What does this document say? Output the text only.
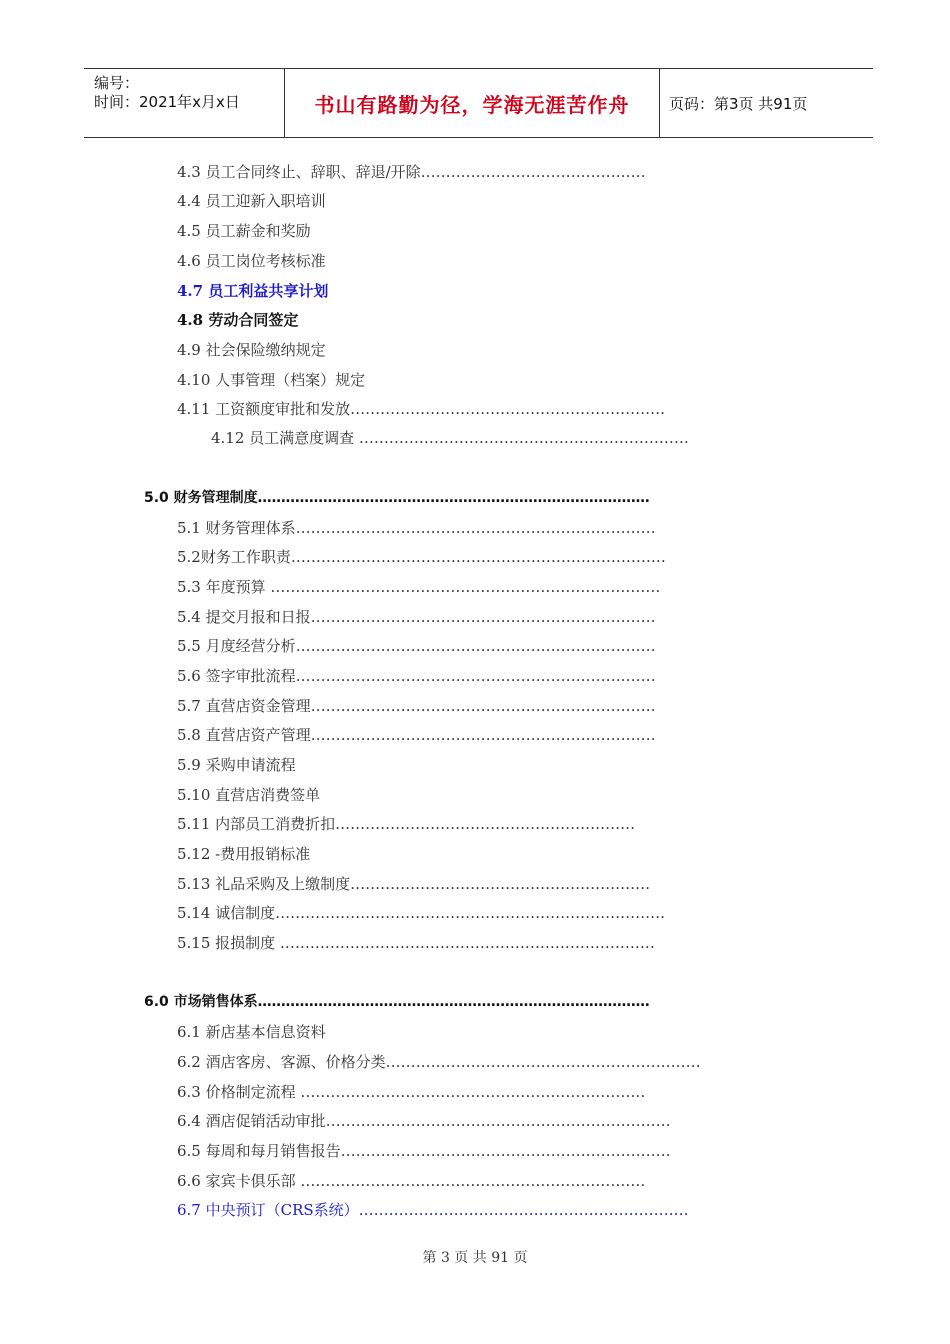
编号：
时间：2021年x月x日	书山有路勤为径，学海无涯苦作舟	页码：第3页 共91页
4.3 员工合同终止、辞职、辞退/开除………………………………………
4.4 员工迎新入职培训
4.5 员工薪金和奖励
4.6 员工岗位考核标准
4.7 员工利益共享计划
4.8 劳动合同签定
4.9 社会保险缴纳规定
4.10 人事管理（档案）规定
4.11 工资额度审批和发放………………………………………………………
4.12 员工满意度调查 …………………………………………………………
5.0 财务管理制度…………………………………………………………………………
5.1 财务管理体系………………………………………………………………
5.2财务工作职责…………………………………………………………………
5.3 年度预算 ……………………………………………………………………
5.4 提交月报和日报……………………………………………………………
5.5 月度经营分析………………………………………………………………
5.6 签字审批流程………………………………………………………………
5.7 直营店资金管理……………………………………………………………
5.8 直营店资产管理……………………………………………………………
5.9 采购申请流程
5.10 直营店消费签单
5.11 内部员工消费折扣……………………………………………………
5.12 -费用报销标准
5.13 礼品采购及上缴制度……………………………………………………
5.14 诚信制度……………………………………………………………………
5.15 报损制度 …………………………………………………………………
6.0 市场销售体系…………………………………………………………………………
6.1 新店基本信息资料
6.2 酒店客房、客源、价格分类………………………………………………………
6.3 价格制定流程 ……………………………………………………………
6.4 酒店促销活动审批……………………………………………………………
6.5 每周和每月销售报告…………………………………………………………
6.6 家宾卡俱乐部 ……………………………………………………………
6.7 中央预订（CRS系统）…………………………………………………………
第 3 页 共 91 页
